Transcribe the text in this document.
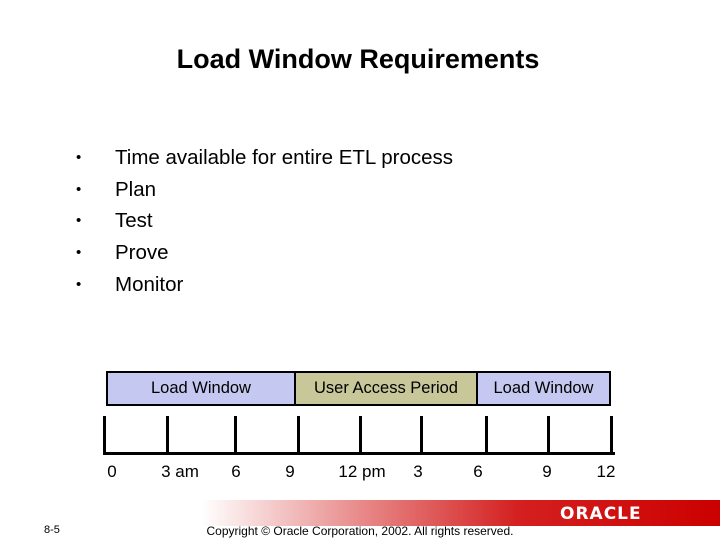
Load Window Requirements
• Time available for entire ETL process
• Plan
• Test
• Prove
• Monitor
Load Window	User Access Period	Load Window
0	3 am 6	9	12 pm 3	6	9	12
ORACLE
8-5	Copyright © Oracle Corporation, 2002. All rights reserved.
